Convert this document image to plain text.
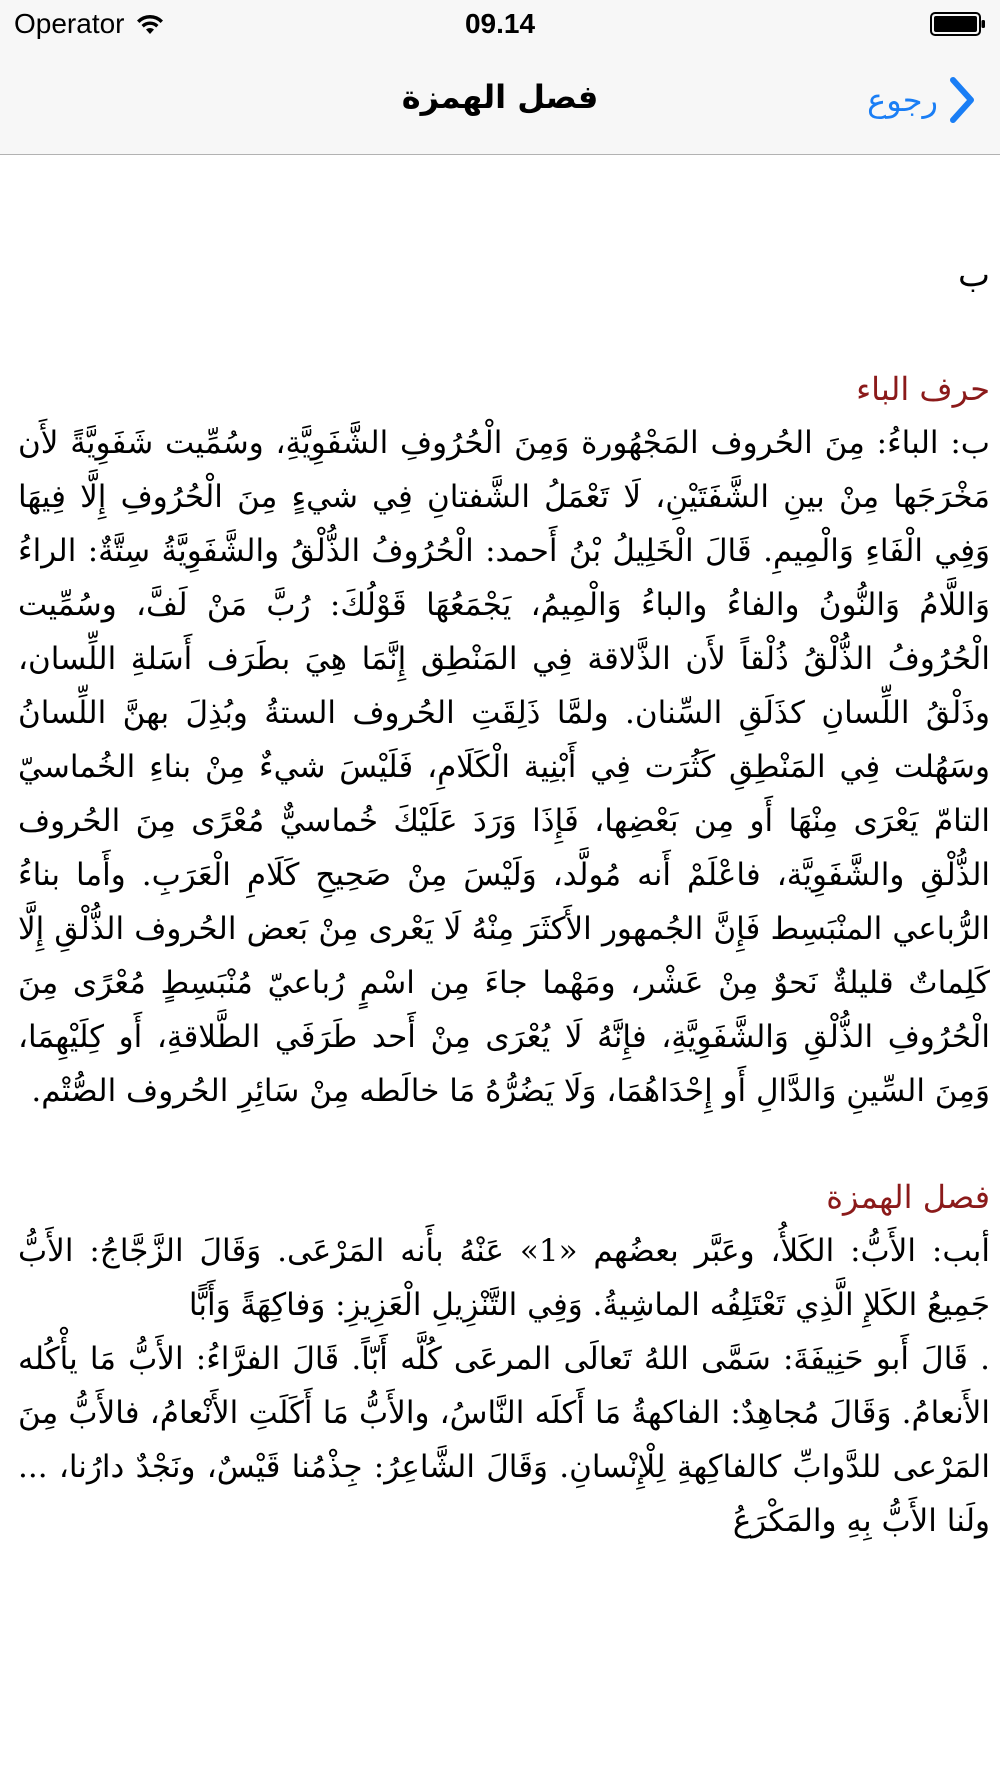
Operator	09.14
فصل الهمزة	رجوع
ب
حرف الباء

ب: الباءُ: مِنَ الحُروف المَجْهُورة وَمِنَ الْحُرُوفِ الشَّفَوِيَّةِ، وسُمِّيت شَفَوِيَّةً لأَن مَخْرَجَها مِنْ بينِ الشَّفَتَيْنِ، لَا تَعْمَلُ الشَّفتانِ فِي شيءٍ مِنَ الْحُرُوفِ إِلَّا فِيهَا وَفِي الْفَاءِ وَالْمِيمِ. قَالَ الْخَلِيلُ بْنُ أَحمد: الْحُرُوفُ الذُّلْقُ والشَّفَوِيَّةُ سِتَّةٌ: الراءُ وَاللَّامُ وَالنُّونُ والفاءُ والباءُ وَالْمِيمُ، يَجْمَعُهَا قَوْلُكَ: رُبَّ مَنْ لَفَّ، وسُمِّيت الْحُرُوفُ الذُّلْقُ ذُلْقاً لأَن الذَّلاقة فِي المَنْطِق إِنَّمَا هِيَ بطَرَف أَسَلةِ اللِّسان، وذَلْقُ اللِّسانِ كذَلَقِ السِّنان. ولمَّا ذَلِقَتِ الحُروف الستةُ وبُذِلَ بهنَّ اللِّسانُ وسَهُلت فِي المَنْطِقِ كَثُرَت فِي أَبْنِية الْكَلَامِ، فَلَيْسَ شيءٌ مِنْ بناءِ الخُماسيّ التامّ يَعْرَى مِنْهَا أَو مِن بَعْضِها، فَإِذَا وَرَدَ عَلَيْكَ خُماسيٌّ مُعْرًى مِنَ الحُروف الذُّلْقِ والشَّفَوِيَّة، فاعْلَمْ أَنه مُولَّد، وَلَيْسَ مِنْ صَحِيحِ كَلَامِ الْعَرَبِ. وأَما بناءُ الرُّباعي المنْبَسِط فَإِنَّ الجُمهور الأَكثَرَ مِنْهُ لَا يَعْرى مِنْ بَعض الحُروف الذُّلْقِ إِلَّا كَلِماتٌ قليلةٌ نَحوٌ مِنْ عَشْر، ومَهْما جاءَ مِن اسْمٍ رُباعيّ مُنْبَسِطٍ مُعْرًى مِنَ الْحُرُوفِ الذُّلْقِ وَالشَّفَوِيَّةِ، فإِنَّهُ لَا يُعْرَى مِنْ أَحد طَرَفَي الطَّلاقةِ، أَو كِلَيْهِمَا، وَمِنَ السِّينِ وَالدَّالِ أَو إِحْدَاهُمَا، وَلَا يَضُرُّهُ مَا خالَطه مِنْ سَائِرِ الحُروف الصُّتْم.

فصل الهمزة

أبب: الأَبُّ: الكَلأُ، وعَبَّر بعضُهم «1» عَنْهُ بأَنه المَرْعَى. وَقَالَ الزَّجَّاجُ: الأَبُّ جَمِيعُ الكَلإِ الَّذِي تَعْتَلِفُه الماشِيةُ. وَفِي التَّنْزِيلِ الْعَزِيزِ: وَفاكِهَةً وَأَبًّا

. قَالَ أَبو حَنِيفَةَ: سَمَّى اللهُ تَعالَى المرعَى كُلَّه أَبّاً. قَالَ الفرَّاءُ: الأَبُّ مَا يأْكُله الأَنعامُ. وَقَالَ مُجاهِدٌ: الفاكهةُ مَا أَكلَه النَّاسُ، والأَبُّ مَا أَكَلَتِ الأَنْعامُ، فالأَبُّ مِنَ المَرْعى للدَّوابِّ كالفاكِهةِ لِلْإِنْسانِ. وَقَالَ الشَّاعِرُ: جِذْمُنا قَيْسٌ، ونَجْدٌ دارُنا، ... ولَنا الأَبُّ بِهِ والمَكْرَعُ
